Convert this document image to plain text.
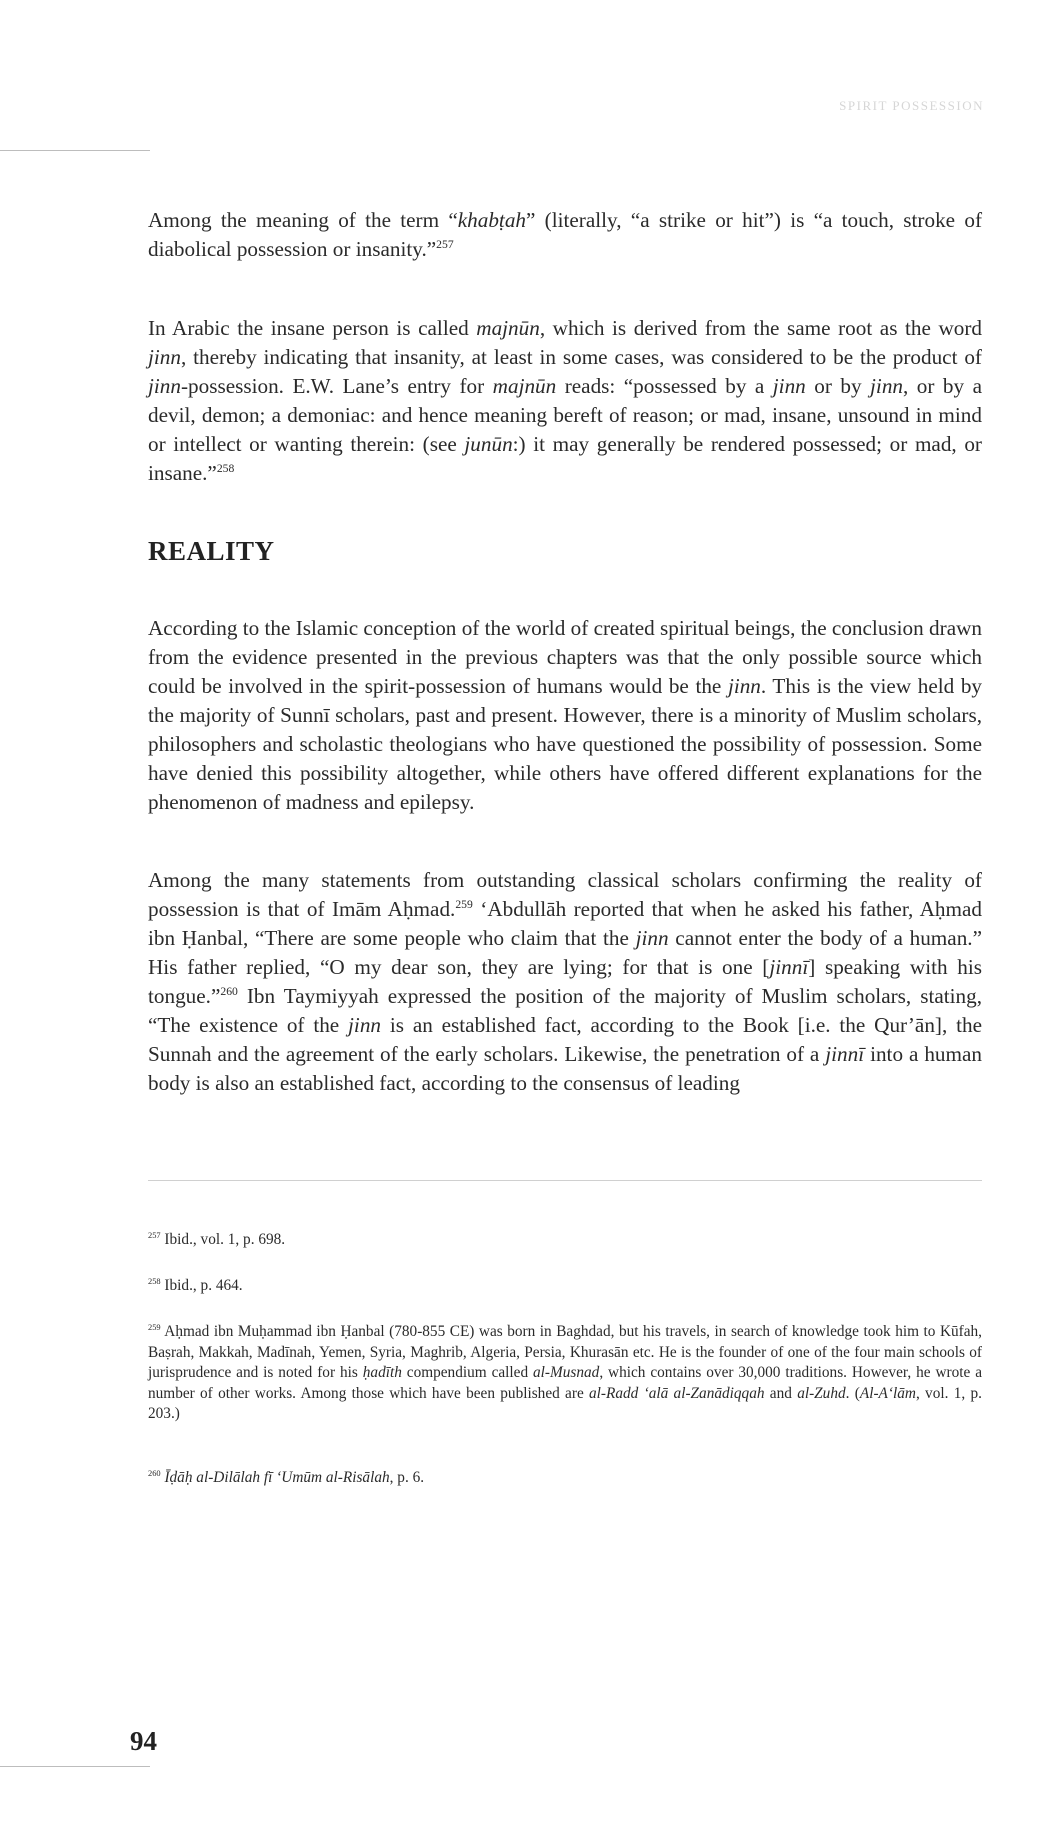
SPIRIT POSSESSION

Among the meaning of the term “khabṭah” (literally, “a strike or hit”) is “a touch, stroke of diabolical possession or insanity.”$^{257}$

In Arabic the insane person is called majnūn, which is derived from the same root as the word jinn, thereby indicating that insanity, at least in some cases, was considered to be the product of jinn-possession. E.W. Lane’s entry for majnūn reads: “possessed by a jinn or by jinn, or by a devil, demon; a demoniac: and hence meaning bereft of reason; or mad, insane, unsound in mind or intellect or wanting therein: (see junūn:) it may generally be rendered possessed; or mad, or insane.”$^{258}$

REALITY

According to the Islamic conception of the world of created spiritual beings, the conclusion drawn from the evidence presented in the previous chapters was that the only possible source which could be involved in the spirit-possession of humans would be the jinn. This is the view held by the majority of Sunnī scholars, past and present. However, there is a minority of Muslim scholars, philosophers and scholastic theologians who have questioned the possibility of possession. Some have denied this possibility altogether, while others have offered different explanations for the phenomenon of madness and epilepsy.

Among the many statements from outstanding classical scholars confirming the reality of possession is that of Imām Aḥmad.$^{259}$ ‘Abdullāh reported that when he asked his father, Aḥmad ibn Ḥanbal, “There are some people who claim that the jinn cannot enter the body of a human.” His father replied, “O my dear son, they are lying; for that is one [jinnī] speaking with his tongue.”$^{260}$ Ibn Taymiyyah expressed the position of the majority of Muslim scholars, stating, “The existence of the jinn is an established fact, according to the Book [i.e. the Qur’ān], the Sunnah and the agreement of the early scholars. Likewise, the penetration of a jinnī into a human body is also an established fact, according to the consensus of leading

$^{257}$ Ibid., vol. 1, p. 698.

$^{258}$ Ibid., p. 464.

$^{259}$ Aḥmad ibn Muḥammad ibn Ḥanbal (780-855 CE) was born in Baghdad, but his travels, in search of knowledge took him to Kūfah, Baṣrah, Makkah, Madīnah, Yemen, Syria, Maghrib, Algeria, Persia, Khurasān etc. He is the founder of one of the four main schools of jurisprudence and is noted for his ḥadīth compendium called al-Musnad, which contains over 30,000 traditions. However, he wrote a number of other works. Among those which have been published are al-Radd ‘alā al-Zanādiqqah and al-Zuhd. (Al-A‘lām, vol. 1, p. 203.)

$^{260}$ Īḍāḥ al-Dilālah fī ‘Umūm al-Risālah, p. 6.

94
